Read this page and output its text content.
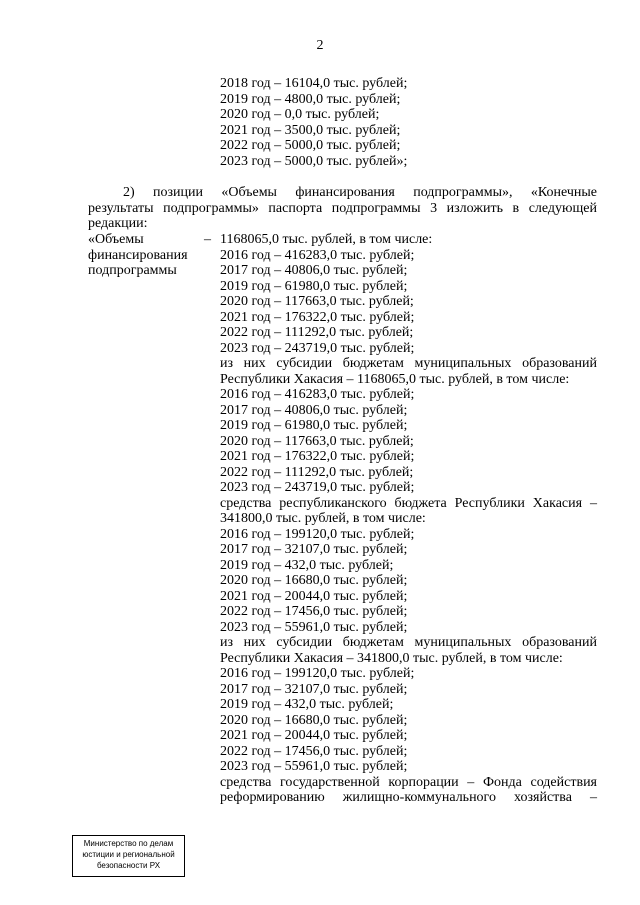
2
2018 год – 16104,0 тыс. рублей;
2019 год – 4800,0 тыс. рублей;
2020 год – 0,0 тыс. рублей;
2021 год – 3500,0 тыс. рублей;
2022 год – 5000,0 тыс. рублей;
2023 год – 5000,0 тыс. рублей»;
2) позиции «Объемы финансирования подпрограммы», «Конечные
результаты подпрограммы» паспорта подпрограммы 3 изложить в следующей
редакции:
«Объемы
финансирования
подпрограммы
– 1168065,0 тыс. рублей, в том числе:
2016 год – 416283,0 тыс. рублей;
2017 год – 40806,0 тыс. рублей;
2019 год – 61980,0 тыс. рублей;
2020 год – 117663,0 тыс. рублей;
2021 год – 176322,0 тыс. рублей;
2022 год – 111292,0 тыс. рублей;
2023 год – 243719,0 тыс. рублей;
из них субсидии бюджетам муниципальных образований
Республики Хакасия – 1168065,0 тыс. рублей, в том числе:
2016 год – 416283,0 тыс. рублей;
2017 год – 40806,0 тыс. рублей;
2019 год – 61980,0 тыс. рублей;
2020 год – 117663,0 тыс. рублей;
2021 год – 176322,0 тыс. рублей;
2022 год – 111292,0 тыс. рублей;
2023 год – 243719,0 тыс. рублей;
средства республиканского бюджета Республики Хакасия –
341800,0 тыс. рублей, в том числе:
2016 год – 199120,0 тыс. рублей;
2017 год – 32107,0 тыс. рублей;
2019 год – 432,0 тыс. рублей;
2020 год – 16680,0 тыс. рублей;
2021 год – 20044,0 тыс. рублей;
2022 год – 17456,0 тыс. рублей;
2023 год – 55961,0 тыс. рублей;
из них субсидии бюджетам муниципальных образований
Республики Хакасия – 341800,0 тыс. рублей, в том числе:
2016 год – 199120,0 тыс. рублей;
2017 год – 32107,0 тыс. рублей;
2019 год – 432,0 тыс. рублей;
2020 год – 16680,0 тыс. рублей;
2021 год – 20044,0 тыс. рублей;
2022 год – 17456,0 тыс. рублей;
2023 год – 55961,0 тыс. рублей;
средства государственной корпорации – Фонда содействия
реформированию жилищно-коммунального хозяйства –
Министерство по делам
юстиции и региональной
безопасности РХ
